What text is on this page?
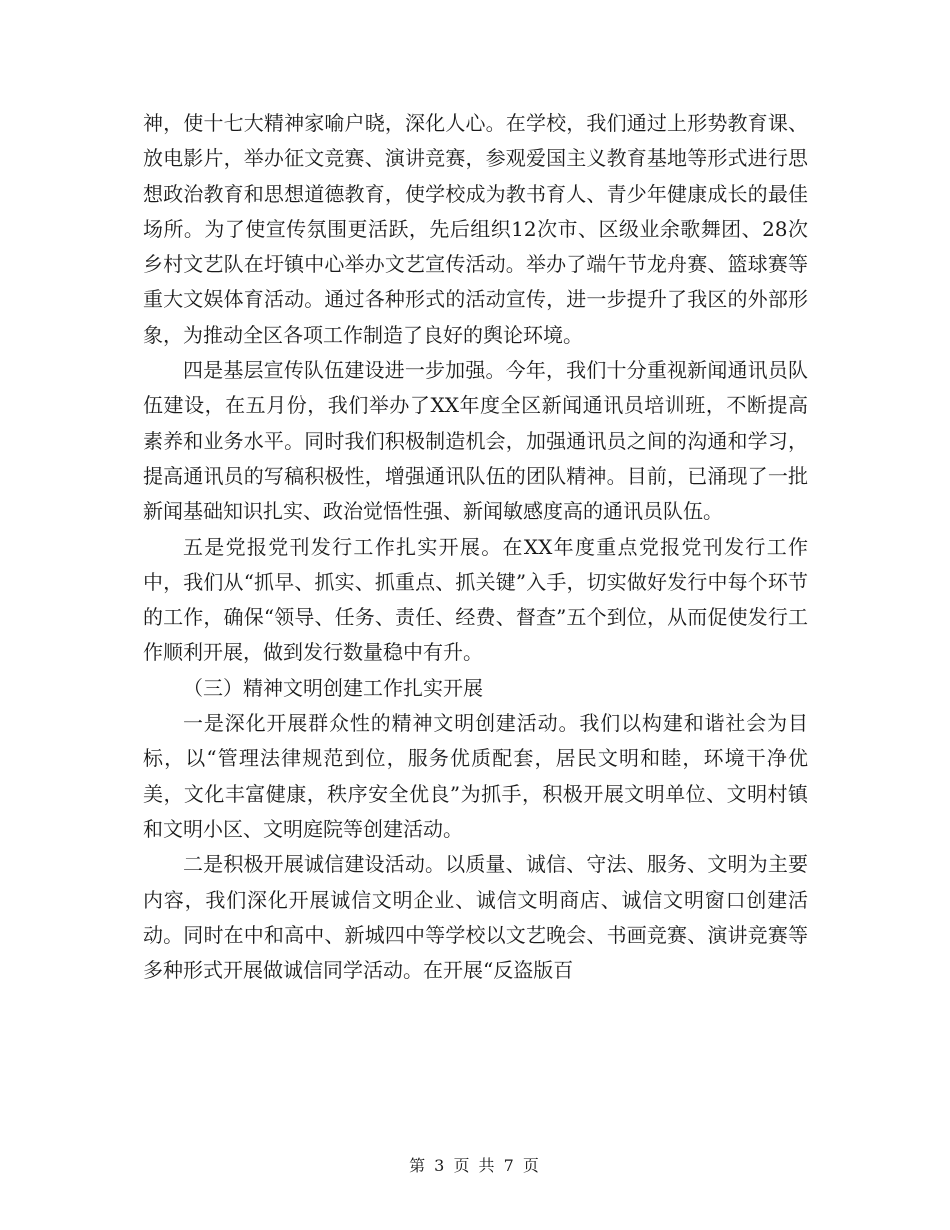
神，使十七大精神家喻户晓，深化人心。在学校，我们通过上形势教育课、放电影片，举办征文竞赛、演讲竞赛，参观爱国主义教育基地等形式进行思想政治教育和思想道德教育，使学校成为教书育人、青少年健康成长的最佳场所。为了使宣传氛围更活跃，先后组织12次市、区级业余歌舞团、28次乡村文艺队在圩镇中心举办文艺宣传活动。举办了端午节龙舟赛、篮球赛等重大文娱体育活动。通过各种形式的活动宣传，进一步提升了我区的外部形象，为推动全区各项工作制造了良好的舆论环境。

四是基层宣传队伍建设进一步加强。今年，我们十分重视新闻通讯员队伍建设，在五月份，我们举办了XX年度全区新闻通讯员培训班，不断提高素养和业务水平。同时我们积极制造机会，加强通讯员之间的沟通和学习，提高通讯员的写稿积极性，增强通讯队伍的团队精神。目前，已涌现了一批新闻基础知识扎实、政治觉悟性强、新闻敏感度高的通讯员队伍。

五是党报党刊发行工作扎实开展。在XX年度重点党报党刊发行工作中，我们从“抓早、抓实、抓重点、抓关键”入手，切实做好发行中每个环节的工作，确保“领导、任务、责任、经费、督查”五个到位，从而促使发行工作顺利开展，做到发行数量稳中有升。

（三）精神文明创建工作扎实开展

一是深化开展群众性的精神文明创建活动。我们以构建和谐社会为目标，以“管理法律规范到位，服务优质配套，居民文明和睦，环境干净优美，文化丰富健康，秩序安全优良”为抓手，积极开展文明单位、文明村镇和文明小区、文明庭院等创建活动。

二是积极开展诚信建设活动。以质量、诚信、守法、服务、文明为主要内容，我们深化开展诚信文明企业、诚信文明商店、诚信文明窗口创建活动。同时在中和高中、新城四中等学校以文艺晚会、书画竞赛、演讲竞赛等多种形式开展做诚信同学活动。在开展“反盗版百

第 3 页 共 7 页
